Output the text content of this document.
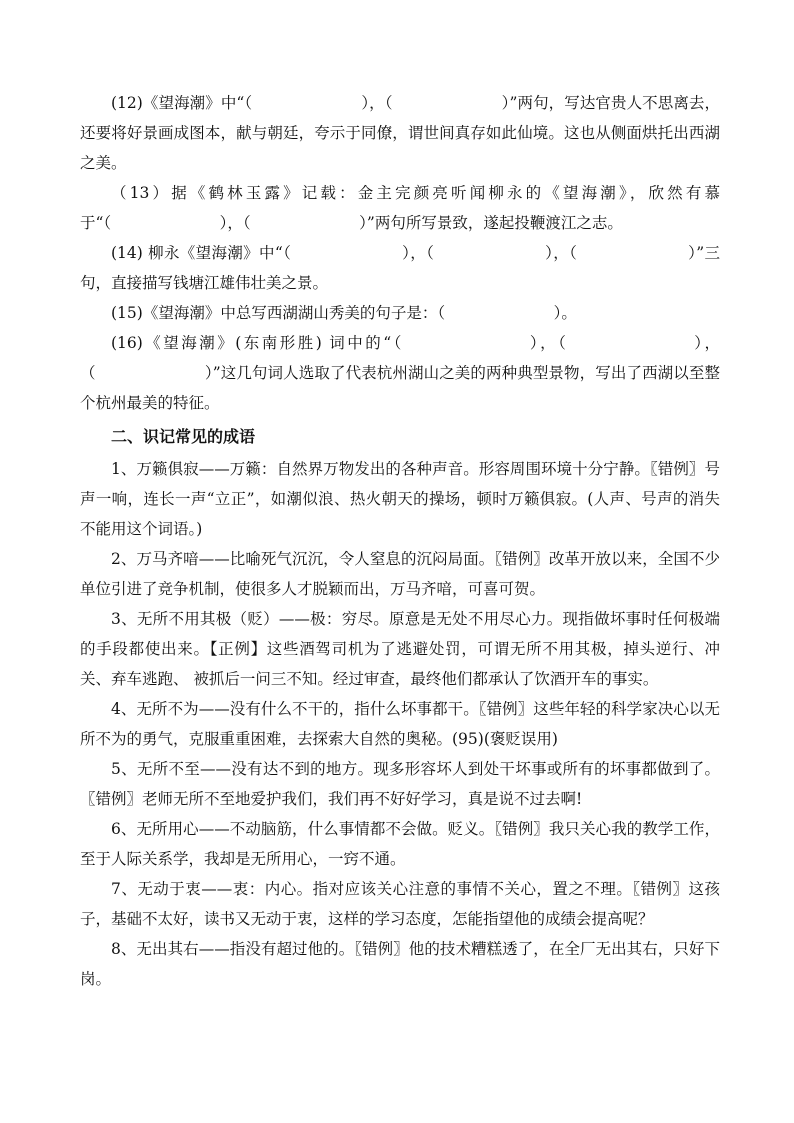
(12)《望海潮》中“（　　　　　　　），（　　　　　　　）”两句，写达官贵人不思离去，还要将好景画成图本，献与朝廷，夸示于同僚，谓世间真存如此仙境。这也从侧面烘托出西湖之美。

（13）据《鹤林玉露》记载：金主完颜亮听闻柳永的《望海潮》，欣然有慕于“（　　　　　　　），（　　　　　　　）”两句所写景致，遂起投鞭渡江之志。

(14) 柳永《望海潮》中“（　　　　　　　），（　　　　　　　），（　　　　　　　）”三句，直接描写钱塘江雄伟壮美之景。

(15)《望海潮》中总写西湖湖山秀美的句子是：（　　　　　　　）。

(16)《望海潮》(东南形胜) 词中的“（　　　　　　　），（　　　　　　　），（　　　　　　　）”这几句词人选取了代表杭州湖山之美的两种典型景物，写出了西湖以至整个杭州最美的特征。

二、识记常见的成语

1、万籁俱寂——万籁：自然界万物发出的各种声音。形容周围环境十分宁静。〖错例〗号声一响，连长一声“立正”，如潮似浪、热火朝天的操场，顿时万籁俱寂。(人声、号声的消失不能用这个词语。)

2、万马齐喑——比喻死气沉沉，令人窒息的沉闷局面。〖错例〗改革开放以来，全国不少单位引进了竞争机制，使很多人才脱颖而出，万马齐喑，可喜可贺。

3、无所不用其极（贬）——极：穷尽。原意是无处不用尽心力。现指做坏事时任何极端的手段都使出来。【正例】这些酒驾司机为了逃避处罚，可谓无所不用其极，掉头逆行、冲关、弃车逃跑、 被抓后一问三不知。经过审查，最终他们都承认了饮酒开车的事实。

4、无所不为——没有什么不干的，指什么坏事都干。〖错例〗这些年轻的科学家决心以无所不为的勇气，克服重重困难，去探索大自然的奥秘。(95)(褒贬误用)

5、无所不至——没有达不到的地方。现多形容坏人到处干坏事或所有的坏事都做到了。〖错例〗老师无所不至地爱护我们，我们再不好好学习，真是说不过去啊!

6、无所用心——不动脑筋，什么事情都不会做。贬义。〖错例〗我只关心我的教学工作，至于人际关系学，我却是无所用心，一窍不通。

7、无动于衷——衷：内心。指对应该关心注意的事情不关心，置之不理。〖错例〗这孩子，基础不太好，读书又无动于衷，这样的学习态度，怎能指望他的成绩会提高呢？

8、无出其右——指没有超过他的。〖错例〗他的技术糟糕透了，在全厂无出其右，只好下岗。
